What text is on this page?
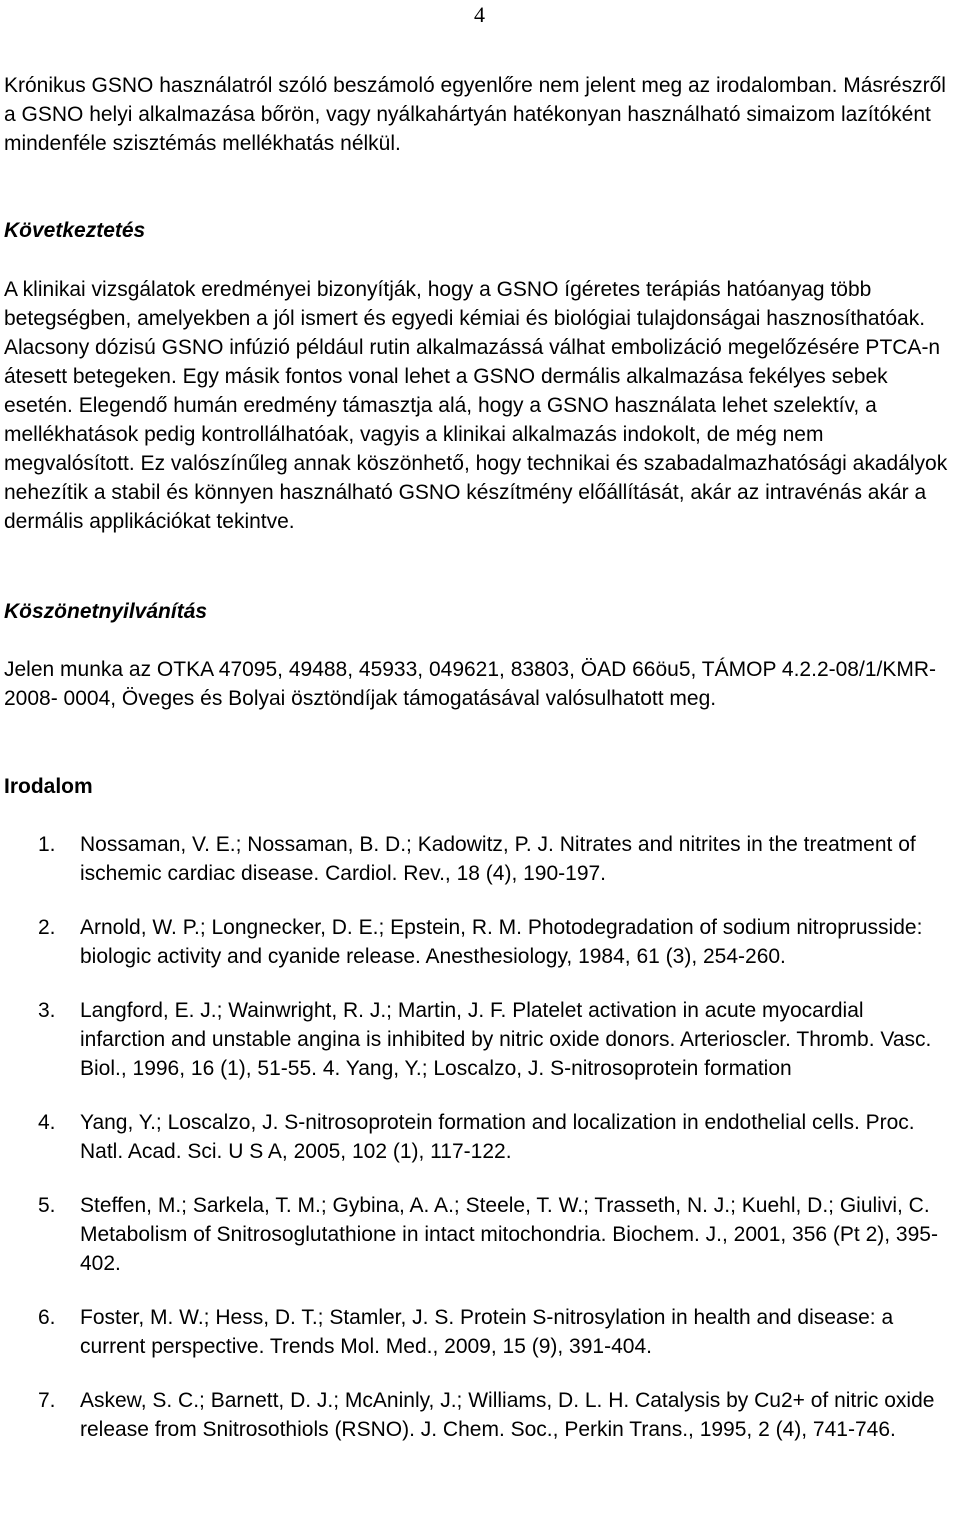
4

Krónikus GSNO használatról szóló beszámoló egyenlőre nem jelent meg az irodalomban. Másrészről a GSNO helyi alkalmazása bőrön, vagy nyálkahártyán hatékonyan használható simaizom lazítóként mindenféle szisztémás mellékhatás nélkül.

Következtetés

A klinikai vizsgálatok eredményei bizonyítják, hogy a GSNO ígéretes terápiás hatóanyag több betegségben, amelyekben a jól ismert és egyedi kémiai és biológiai tulajdonságai hasznosíthatóak. Alacsony dózisú GSNO infúzió például rutin alkalmazássá válhat embolizáció megelőzésére PTCA-n átesett betegeken. Egy másik fontos vonal lehet a GSNO dermális alkalmazása fekélyes sebek esetén. Elegendő humán eredmény támasztja alá, hogy a GSNO használata lehet szelektív, a mellékhatások pedig kontrollálhatóak, vagyis a klinikai alkalmazás indokolt, de még nem megvalósított. Ez valószínűleg annak köszönhető, hogy technikai és szabadalmazhatósági akadályok nehezítik a stabil és könnyen használható GSNO készítmény előállítását, akár az intravénás akár a dermális applikációkat tekintve.

Köszönetnyilvánítás

Jelen munka az OTKA 47095, 49488, 45933, 049621, 83803, ÖAD 66öu5, TÁMOP 4.2.2-08/1/KMR-2008- 0004, Öveges és Bolyai ösztöndíjak támogatásával valósulhatott meg.

Irodalom
1. Nossaman, V. E.; Nossaman, B. D.; Kadowitz, P. J. Nitrates and nitrites in the treatment of ischemic cardiac disease. Cardiol. Rev., 18 (4), 190-197.
2. Arnold, W. P.; Longnecker, D. E.; Epstein, R. M. Photodegradation of sodium nitroprusside: biologic activity and cyanide release. Anesthesiology, 1984, 61 (3), 254-260.
3. Langford, E. J.; Wainwright, R. J.; Martin, J. F. Platelet activation in acute myocardial infarction and unstable angina is inhibited by nitric oxide donors. Arterioscler. Thromb. Vasc. Biol., 1996, 16 (1), 51-55. 4. Yang, Y.; Loscalzo, J. S-nitrosoprotein formation
4. Yang, Y.; Loscalzo, J. S-nitrosoprotein formation and localization in endothelial cells. Proc. Natl. Acad. Sci. U S A, 2005, 102 (1), 117-122.
5. Steffen, M.; Sarkela, T. M.; Gybina, A. A.; Steele, T. W.; Trasseth, N. J.; Kuehl, D.; Giulivi, C. Metabolism of Snitrosoglutathione in intact mitochondria. Biochem. J., 2001, 356 (Pt 2), 395-402.
6. Foster, M. W.; Hess, D. T.; Stamler, J. S. Protein S-nitrosylation in health and disease: a current perspective. Trends Mol. Med., 2009, 15 (9), 391-404.
7. Askew, S. C.; Barnett, D. J.; McAninly, J.; Williams, D. L. H. Catalysis by Cu2+ of nitric oxide release from Snitrosothiols (RSNO). J. Chem. Soc., Perkin Trans., 1995, 2 (4), 741-746.
